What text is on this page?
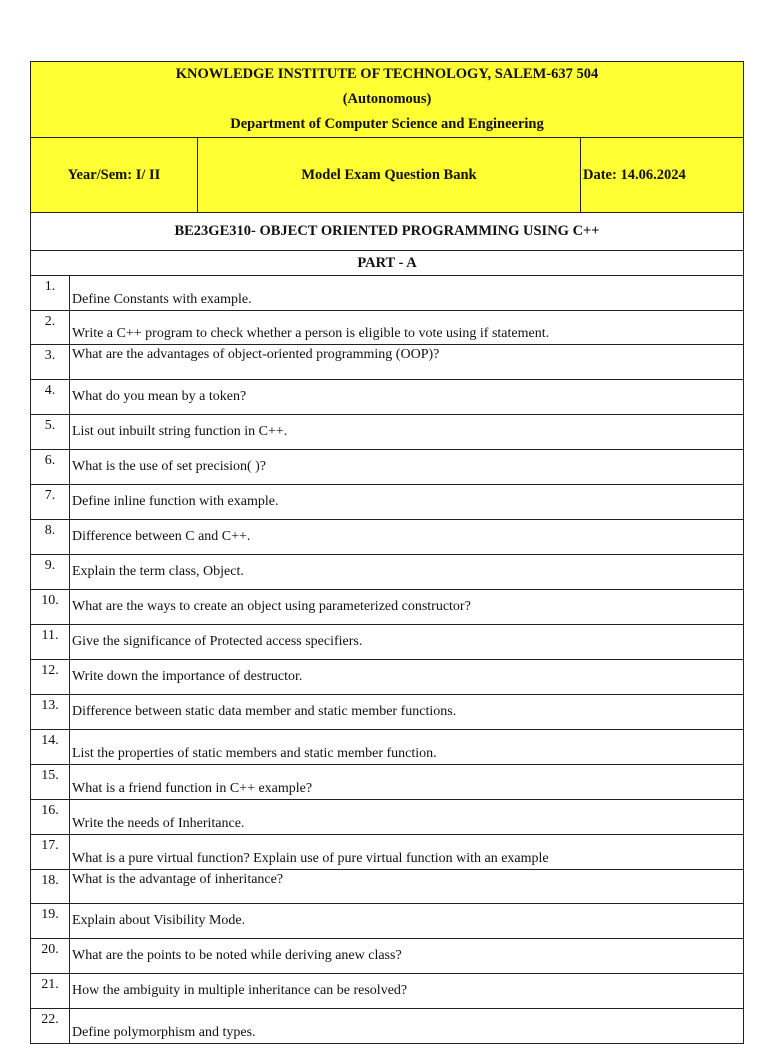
KNOWLEDGE INSTITUTE OF TECHNOLOGY, SALEM-637 504
(Autonomous)
Department of Computer Science and Engineering			

Year/Sem: I/ II		Model Exam Question Bank	Date: 14.06.2024
BE23GE310- OBJECT ORIENTED PROGRAMMING USING C++			
PART - A			
1.	Define Constants with example.		
2.	Write a C++ program to check whether a person is eligible to vote using if statement.		
3.	What are the advantages of object-oriented programming (OOP)?		
4.	What do you mean by a token?		
5.	List out inbuilt string function in C++.		
6.	What is the use of set precision( )?		
7.	Define inline function with example.		
8.	Difference between C and C++.		
9.	Explain the term class, Object.		
10.	What are the ways to create an object using parameterized constructor?		
11.	Give the significance of Protected access specifiers.		
12.	Write down the importance of destructor.		
13.	Difference between static data member and static member functions.		
14.	List the properties of static members and static member function.		
15.	What is a friend function in C++ example?		
16.	Write the needs of Inheritance.		
17.	What is a pure virtual function? Explain use of pure virtual function with an example		
18.	What is the advantage of inheritance?		
19.	Explain about Visibility Mode.		
20.	What are the points to be noted while deriving anew class?		
21.	How the ambiguity in multiple inheritance can be resolved?		
22.	Define polymorphism and types.		
